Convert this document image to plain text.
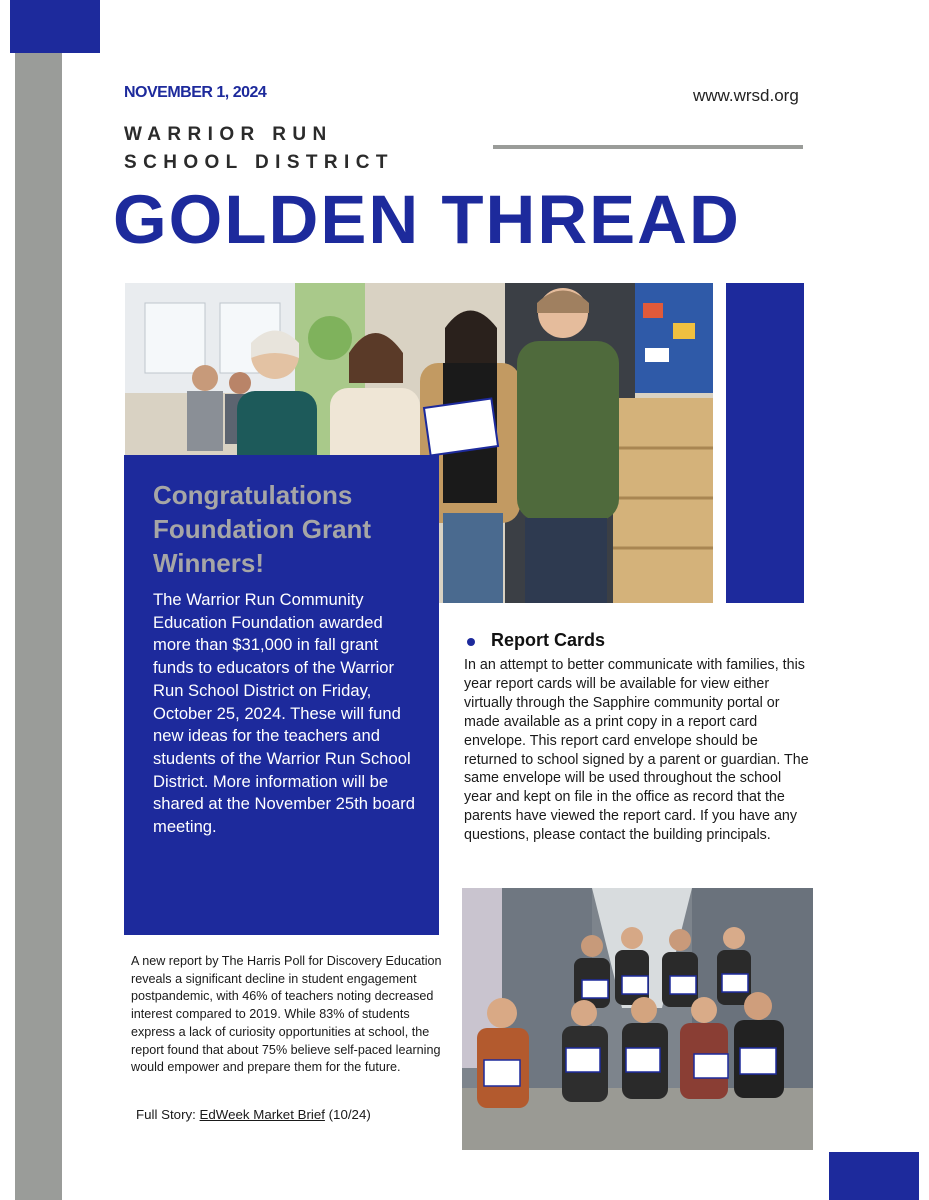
NOVEMBER 1, 2024	www.wrsd.org
WARRIOR RUN
SCHOOL DISTRICT
GOLDEN THREAD
Congratulations Foundation Grant Winners!
The Warrior Run Community Education Foundation awarded more than $31,000 in fall grant funds to educators of the Warrior Run School District on Friday, October 25, 2024. These will fund new ideas for the teachers and students of the Warrior Run School District. More information will be shared at the November 25th board meeting.
Report Cards
In an attempt to better communicate with families, this year report cards will be available for view either virtually through the Sapphire community portal or made available as a print copy in a report card envelope. This report card envelope should be returned to school signed by a parent or guardian. The same envelope will be used throughout the school year and kept on file in the office as record that the parents have viewed the report card. If you have any questions, please contact the building principals.
A new report by The Harris Poll for Discovery Education reveals a significant decline in student engagement postpandemic, with 46% of teachers noting decreased interest compared to 2019. While 83% of students express a lack of curiosity opportunities at school, the report found that about 75% believe self-paced learning would empower and prepare them for the future.
Full Story: EdWeek Market Brief (10/24)
